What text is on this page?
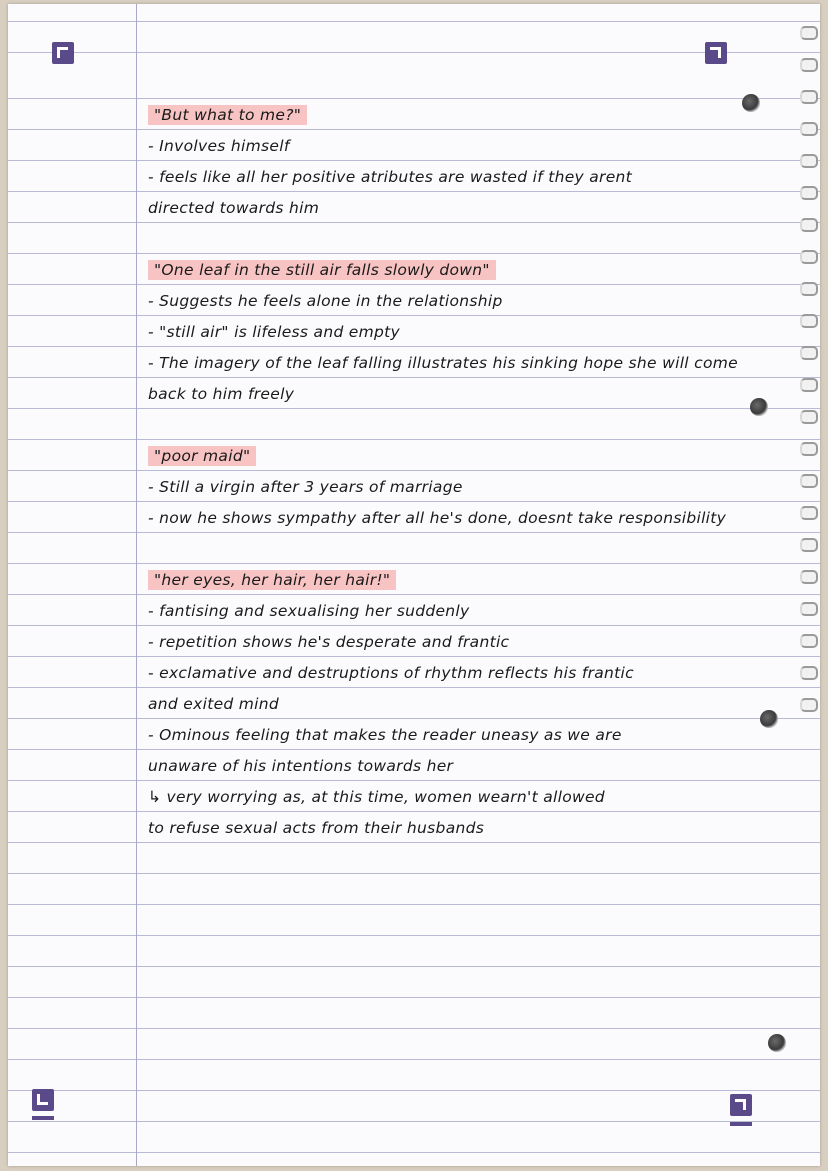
"But what to me?"
- Involves himself
- feels like all her positive atributes are wasted if they arent
directed towards him
"One leaf in the still air falls slowly down"
- Suggests he feels alone in the relationship
- "still air" is lifeless and empty
- The imagery of the leaf falling illustrates his sinking hope she will come
back to him freely
"poor maid"
- Still a virgin after 3 years of marriage
- now he shows sympathy after all he's done, doesnt take responsibility
"her eyes, her hair, her hair!"
- fantising and sexualising her suddenly
- repetition shows he's desperate and frantic
- exclamative and destruptions of rhythm reflects his frantic
and exited mind
- Ominous feeling that makes the reader uneasy as we are
unaware of his intentions towards her
↳ very worrying as, at this time, women wearn't allowed
to refuse sexual acts from their husbands
